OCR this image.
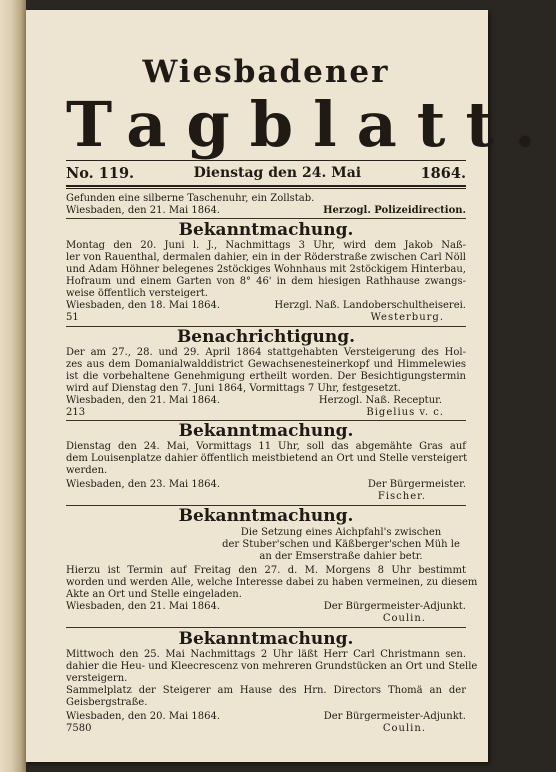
Wiesbadener
Tagblatt.
No. 119.	Dienstag den 24. Mai	1864.
Gefunden eine silberne Taschenuhr, ein Zollstab.
Wiesbaden, den 21. Mai 1864.	Herzogl. Polizeidirection.
Bekanntmachung.
Montag den 20. Juni l. J., Nachmittags 3 Uhr, wird dem Jakob Naß-
ler von Rauenthal, dermalen dahier, ein in der Röderstraße zwischen Carl Nöll
und Adam Höhner belegenes 2stöckiges Wohnhaus mit 2stöckigem Hinterbau,
Hofraum und einem Garten von 8° 46' in dem hiesigen Rathhause zwangs-
weise öffentlich versteigert.
Wiesbaden, den 18. Mai 1864.	Herzgl. Naß. Landoberschultheiserei.
51	Westerburg.
Benachrichtigung.
Der am 27., 28. und 29. April 1864 stattgehabten Versteigerung des Hol-
zes aus dem Domanialwalddistrict Gewachsenesteinerkopf und Himmelewies
ist die vorbehaltene Genehmigung ertheilt worden. Der Besichtigungstermin
wird auf Dienstag den 7. Juni 1864, Vormittags 7 Uhr, festgesetzt.
Wiesbaden, den 21. Mai 1864.	Herzogl. Naß. Receptur.
213	Bigelius v. c.
Bekanntmachung.
Dienstag den 24. Mai, Vormittags 11 Uhr, soll das abgemähte Gras auf
dem Louisenplatze dahier öffentlich meistbietend an Ort und Stelle versteigert
werden.
Wiesbaden, den 23. Mai 1864.	Der Bürgermeister.
Fischer.
Bekanntmachung.
Die Setzung eines Aichpfahl's zwischen
der Stuber'schen und Käßberger'schen Müh le
an der Emserstraße dahier betr.
Hierzu ist Termin auf Freitag den 27. d. M. Morgens 8 Uhr bestimmt
worden und werden Alle, welche Interesse dabei zu haben vermeinen, zu diesem
Akte an Ort und Stelle eingeladen.
Wiesbaden, den 21. Mai 1864.	Der Bürgermeister-Adjunkt.
Coulin.
Bekanntmachung.
Mittwoch den 25. Mai Nachmittags 2 Uhr läßt Herr Carl Christmann sen.
dahier die Heu- und Kleecrescenz von mehreren Grundstücken an Ort und Stelle
versteigern.
Sammelplatz der Steigerer am Hause des Hrn. Directors Thomä an der
Geisbergstraße.
Wiesbaden, den 20. Mai 1864.	Der Bürgermeister-Adjunkt.
7580	Coulin.
